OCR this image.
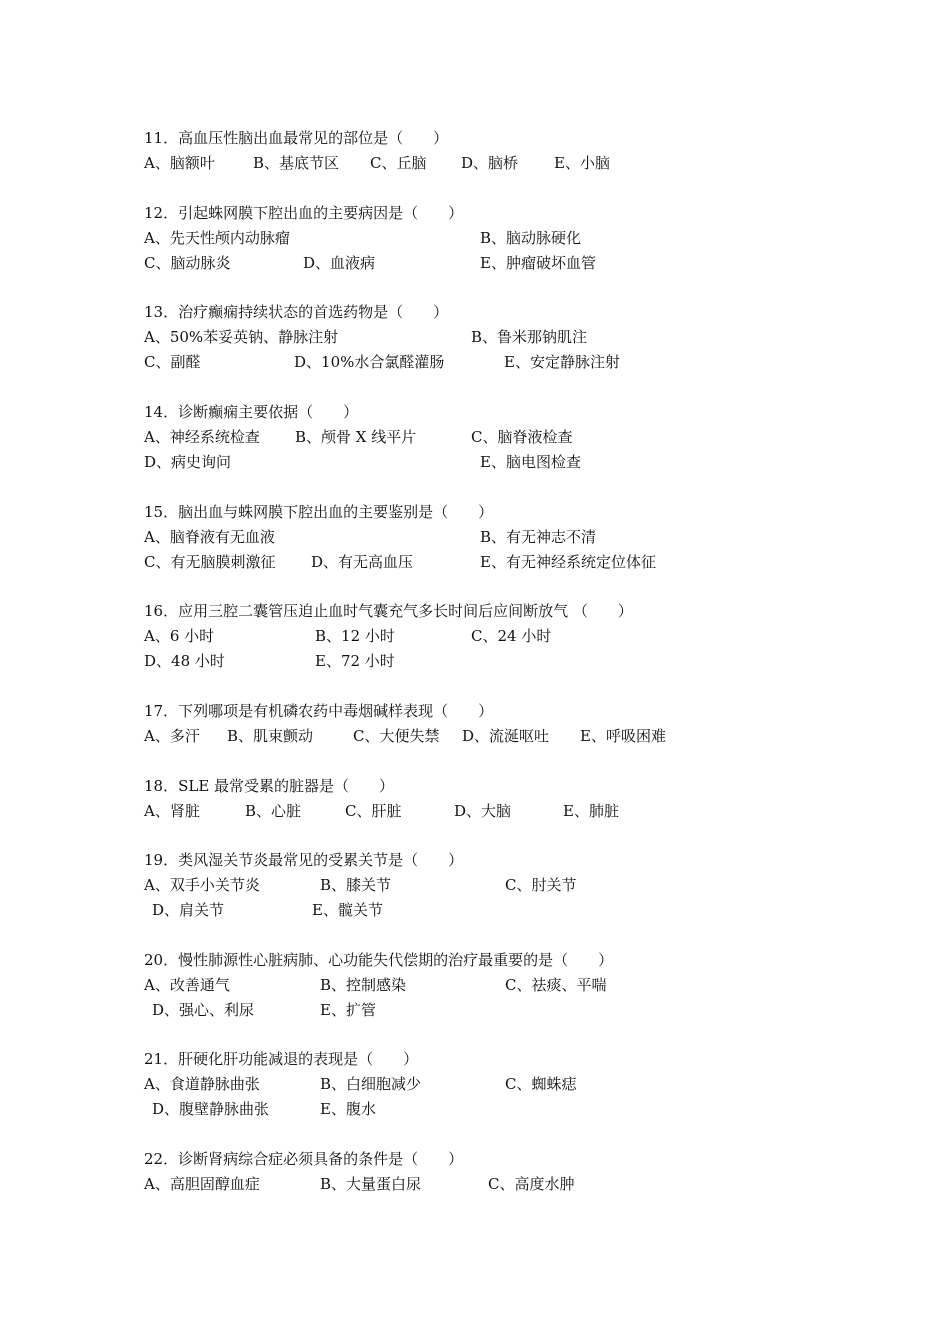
11．高血压性脑出血最常见的部位是（　　）
A、脑额叶	B、基底节区 C、丘脑 D、脑桥 E、小脑
12．引起蛛网膜下腔出血的主要病因是（　　）
A、先天性颅内动脉瘤	B、脑动脉硬化
C、脑动脉炎	D、血液病	E、肿瘤破坏血管
13．治疗癫痫持续状态的首选药物是（　　）
A、50%苯妥英钠、静脉注射	B、鲁米那钠肌注
C、副醛	D、10%水合氯醛灌肠	E、安定静脉注射
14．诊断癫痫主要依据（　　）
A、神经系统检查 B、颅骨 X 线平片	C、脑脊液检查
D、病史询问	E、脑电图检查
15．脑出血与蛛网膜下腔出血的主要鉴别是（　　）
A、脑脊液有无血液	B、有无神志不清
C、有无脑膜刺激征 D、有无高血压	E、有无神经系统定位体征
16．应用三腔二囊管压迫止血时气囊充气多长时间后应间断放气 （　　）
A、6 小时	B、12 小时	C、24 小时
D、48 小时	E、72 小时
17．下列哪项是有机磷农药中毒烟碱样表现（　　）
A、多汗 B、肌束颤动	C、大便失禁 D、流涎呕吐 E、呼吸困难
18．SLE 最常受累的脏器是（　　）
A、肾脏	B、心脏	C、肝脏	D、大脑	E、肺脏
19．类风湿关节炎最常见的受累关节是（　　）
A、双手小关节炎	B、膝关节	C、肘关节
D、肩关节	E、髋关节
20．慢性肺源性心脏病肺、心功能失代偿期的治疗最重要的是（　　）
A、改善通气	B、控制感染	C、祛痰、平喘
D、强心、利尿	E、扩管
21．肝硬化肝功能减退的表现是（　　）
A、食道静脉曲张	B、白细胞减少	C、蜘蛛痣
D、腹壁静脉曲张	E、腹水
22．诊断肾病综合症必须具备的条件是（　　）
A、高胆固醇血症	B、大量蛋白尿	C、高度水肿
